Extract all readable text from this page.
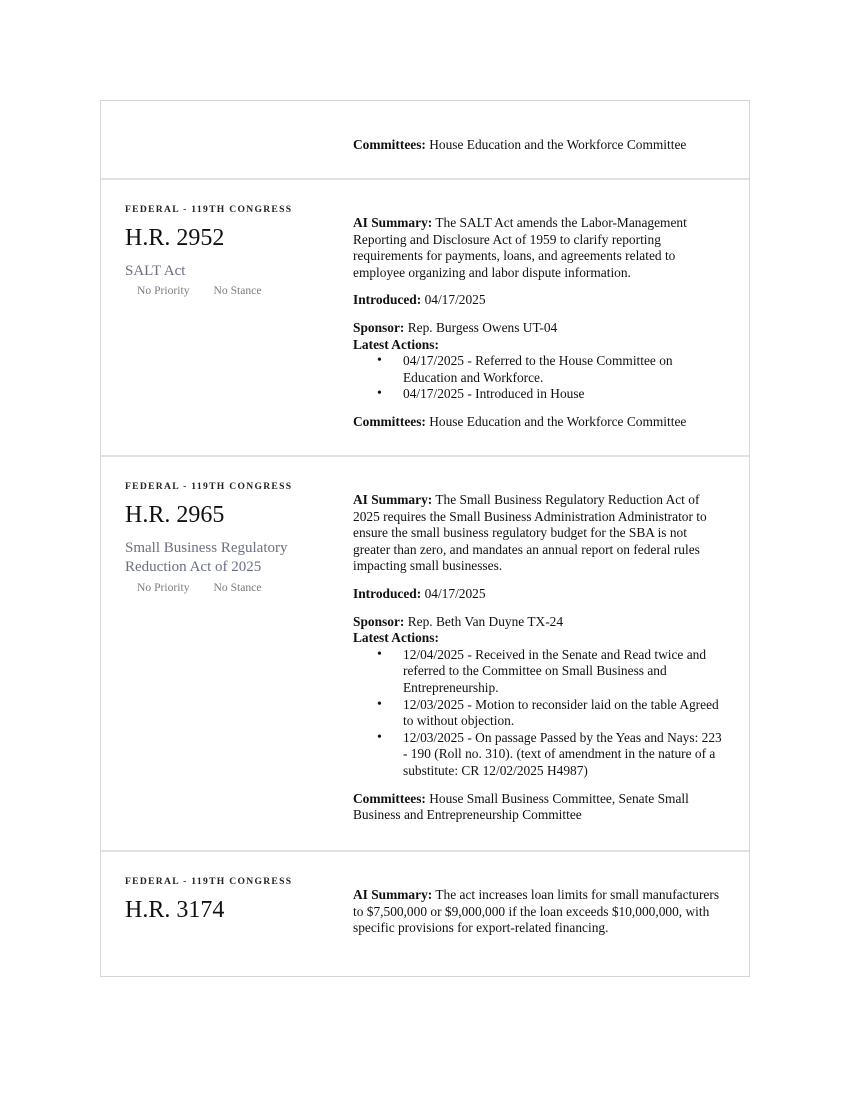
Committees: House Education and the Workforce Committee
FEDERAL - 119TH CONGRESS
H.R. 2952
SALT Act
No Priority No Stance

AI Summary: The SALT Act amends the Labor-Management Reporting and Disclosure Act of 1959 to clarify reporting requirements for payments, loans, and agreements related to employee organizing and labor dispute information.

Introduced: 04/17/2025

Sponsor: Rep. Burgess Owens UT-04

Latest Actions:
• 04/17/2025 - Referred to the House Committee on Education and Workforce.
• 04/17/2025 - Introduced in House

Committees: House Education and the Workforce Committee

FEDERAL - 119TH CONGRESS
H.R. 2965
Small Business Regulatory Reduction Act of 2025
No Priority No Stance

AI Summary: The Small Business Regulatory Reduction Act of 2025 requires the Small Business Administration Administrator to ensure the small business regulatory budget for the SBA is not greater than zero, and mandates an annual report on federal rules impacting small businesses.

Introduced: 04/17/2025

Sponsor: Rep. Beth Van Duyne TX-24

Latest Actions:
• 12/04/2025 - Received in the Senate and Read twice and referred to the Committee on Small Business and Entrepreneurship.
• 12/03/2025 - Motion to reconsider laid on the table Agreed to without objection.
• 12/03/2025 - On passage Passed by the Yeas and Nays: 223 - 190 (Roll no. 310). (text of amendment in the nature of a substitute: CR 12/02/2025 H4987)

Committees: House Small Business Committee, Senate Small Business and Entrepreneurship Committee

FEDERAL - 119TH CONGRESS
H.R. 3174

AI Summary: The act increases loan limits for small manufacturers to $7,500,000 or $9,000,000 if the loan exceeds $10,000,000, with specific provisions for export-related financing.
